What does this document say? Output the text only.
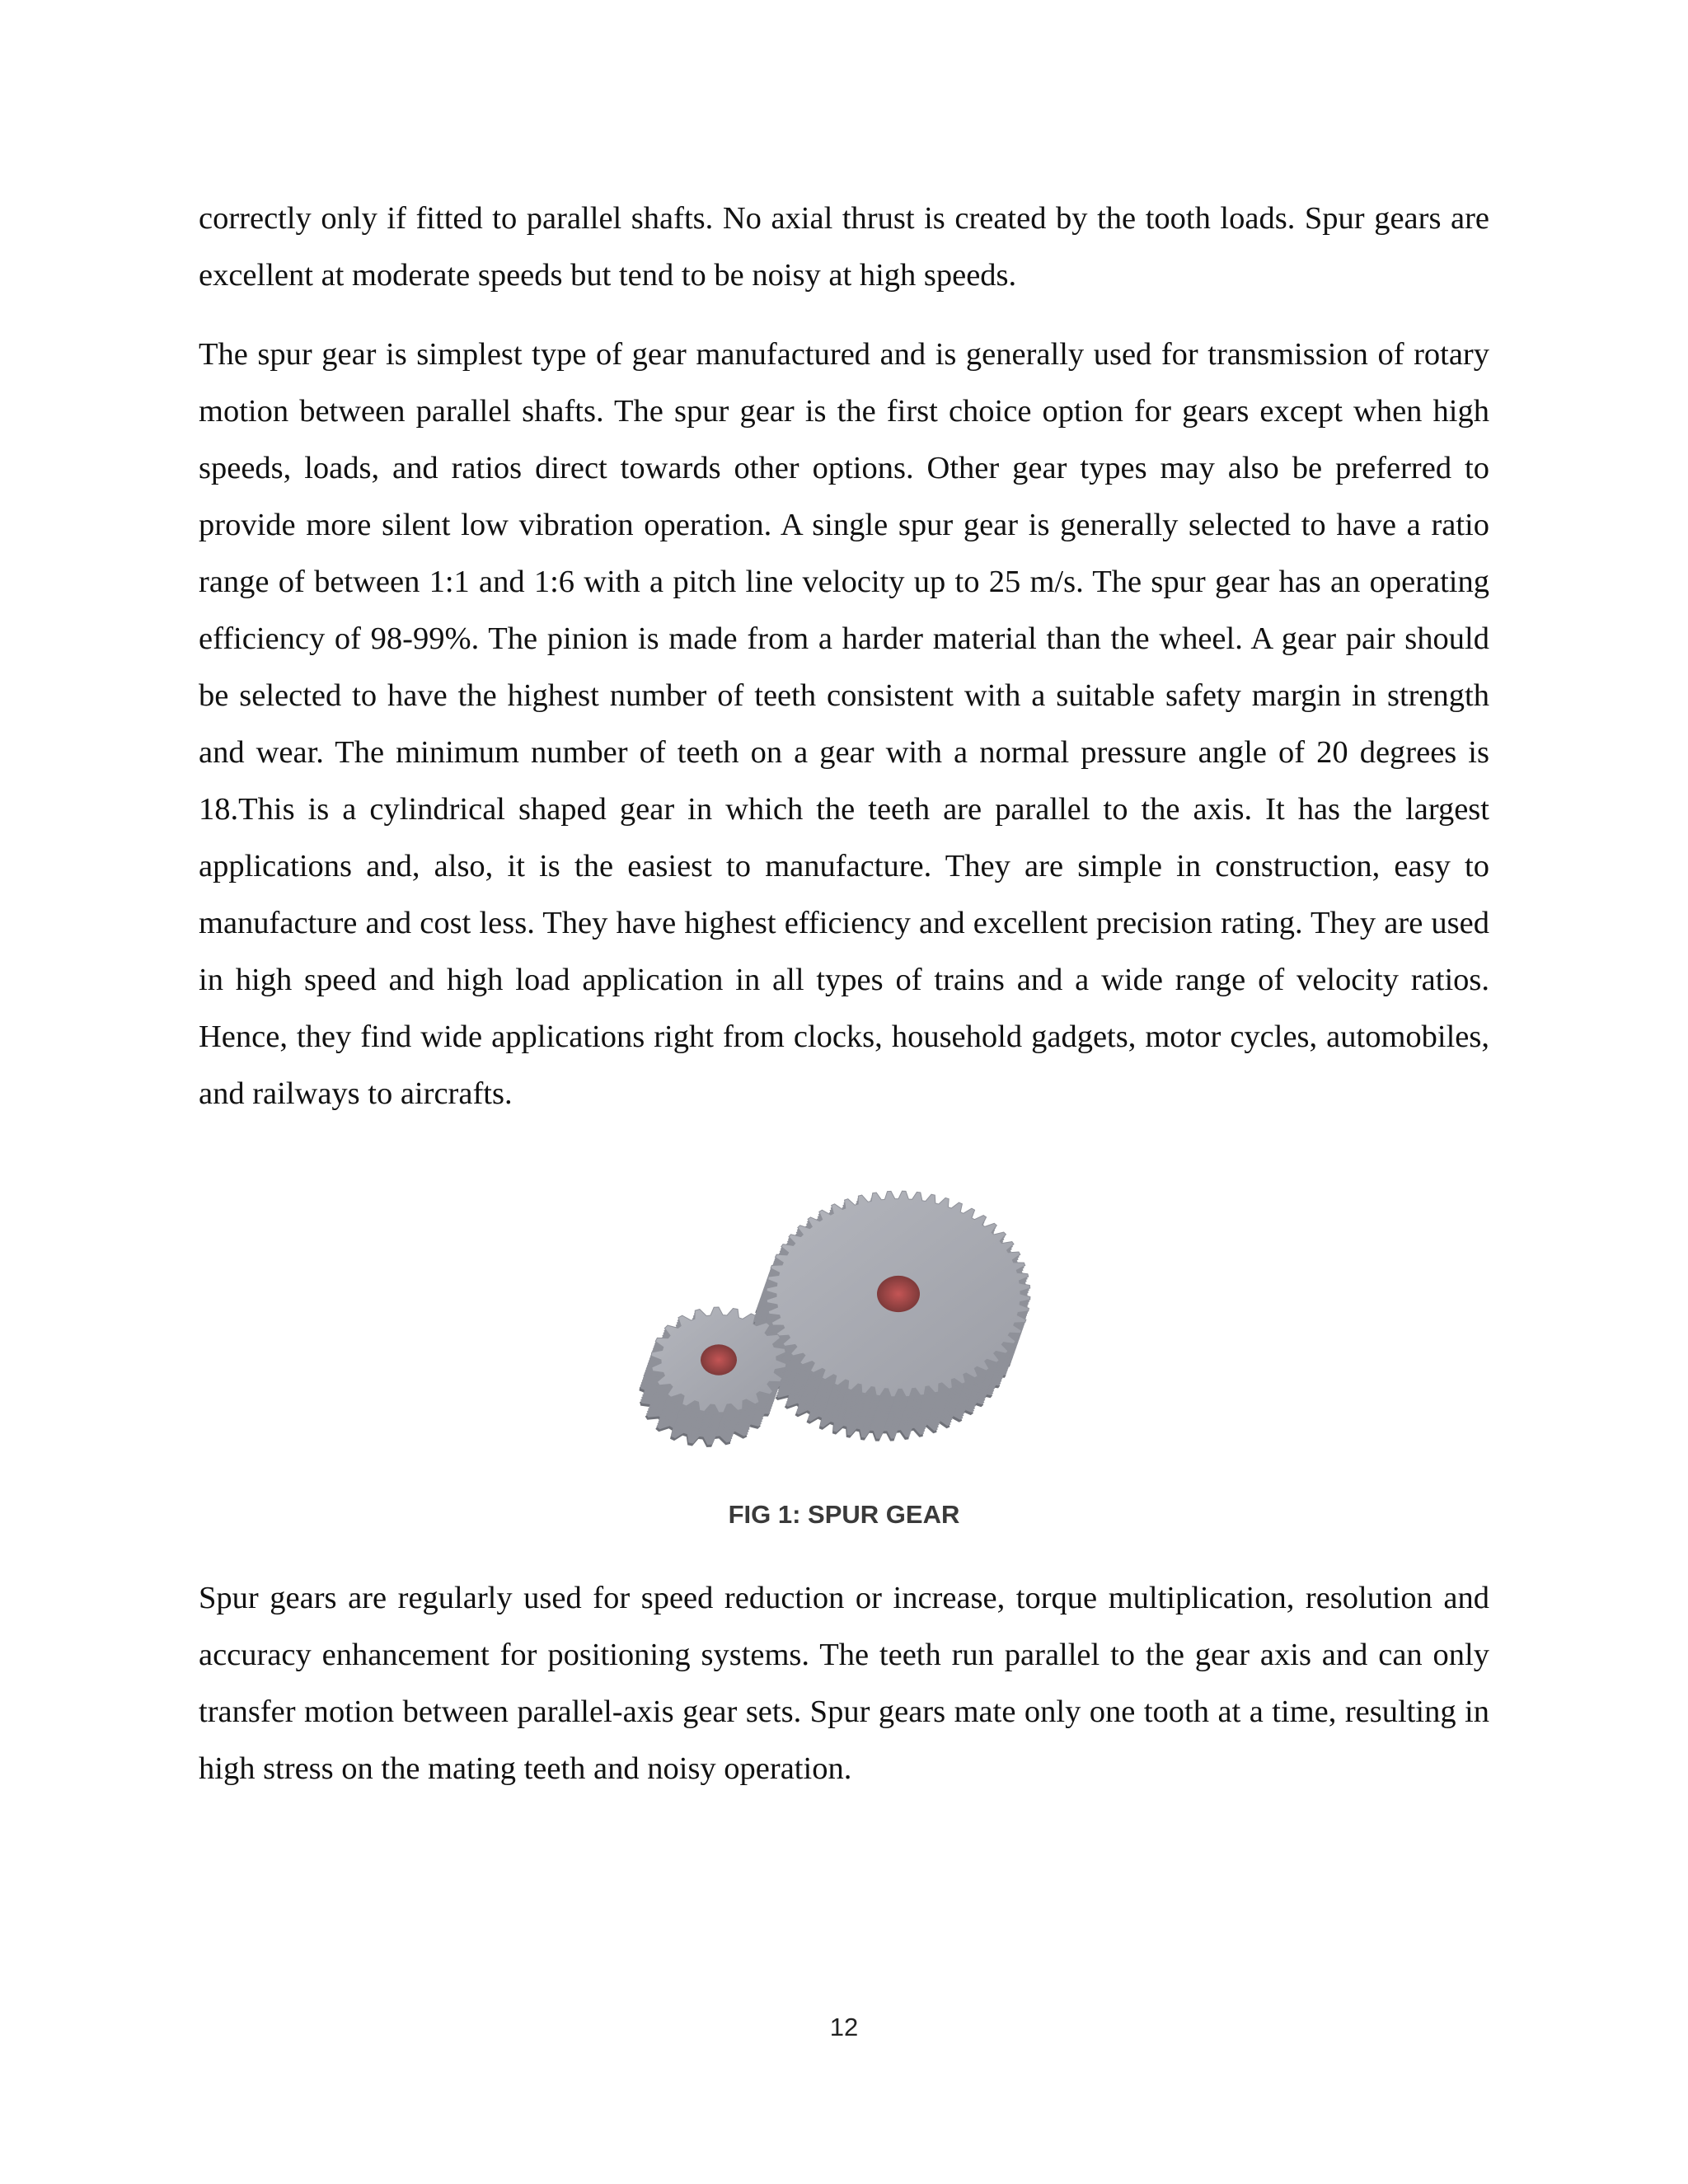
correctly only if fitted to parallel shafts. No axial thrust is created by the tooth loads. Spur gears are excellent at moderate speeds but tend to be noisy at high speeds.

The spur gear is simplest type of gear manufactured and is generally used for transmission of rotary motion between parallel shafts. The spur gear is the first choice option for gears except when high speeds, loads, and ratios direct towards other options. Other gear types may also be preferred to provide more silent low vibration operation. A single spur gear is generally selected to have a ratio range of between 1:1 and 1:6 with a pitch line velocity up to 25 m/s. The spur gear has an operating efficiency of 98-99%. The pinion is made from a harder material than the wheel. A gear pair should be selected to have the highest number of teeth consistent with a suitable safety margin in strength and wear. The minimum number of teeth on a gear with a normal pressure angle of 20 degrees is 18.This is a cylindrical shaped gear in which the teeth are parallel to the axis. It has the largest applications and, also, it is the easiest to manufacture. They are simple in construction, easy to manufacture and cost less. They have highest efficiency and excellent precision rating. They are used in high speed and high load application in all types of trains and a wide range of velocity ratios. Hence, they find wide applications right from clocks, household gadgets, motor cycles, automobiles, and railways to aircrafts.

FIG 1: SPUR GEAR

Spur gears are regularly used for speed reduction or increase, torque multiplication, resolution and accuracy enhancement for positioning systems. The teeth run parallel to the gear axis and can only transfer motion between parallel-axis gear sets. Spur gears mate only one tooth at a time, resulting in high stress on the mating teeth and noisy operation.

12
